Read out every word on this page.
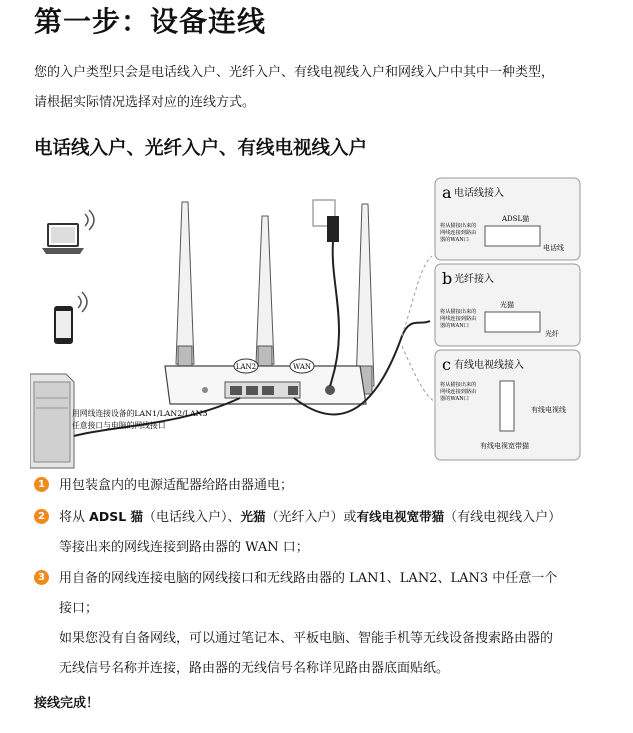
第一步：设备连线
您的入户类型只会是电话线入户、光纤入户、有线电视线入户和网线入户中其中一种类型，
请根据实际情况选择对应的连线方式。
电话线入户、光纤入户、有线电视线入户
LAN2	WAN
用网线连接设备的LAN1/LAN2/LAN3
任意接口与电脑的网线接口
a 电话线接入
ADSL猫
将从猫接出来的
网线连接到路由
器的WAN口
电话线
b 光纤接入
光猫
将从猫接出来的
网线连接到路由
器的WAN口
光纤
c 有线电视线接入
将从猫接出来的
网线连接到路由
器的WAN口
有线电视线
有线电视宽带猫
1 用包装盒内的电源适配器给路由器通电；
2 将从 ADSL 猫（电话线入户）、光猫（光纤入户）或有线电视宽带猫（有线电视线入户）
等接出来的网线连接到路由器的 WAN 口；
3 用自备的网线连接电脑的网线接口和无线路由器的 LAN1、LAN2、LAN3 中任意一个
接口；
如果您没有自备网线，可以通过笔记本、平板电脑、智能手机等无线设备搜索路由器的
无线信号名称并连接，路由器的无线信号名称详见路由器底面贴纸。
接线完成！
